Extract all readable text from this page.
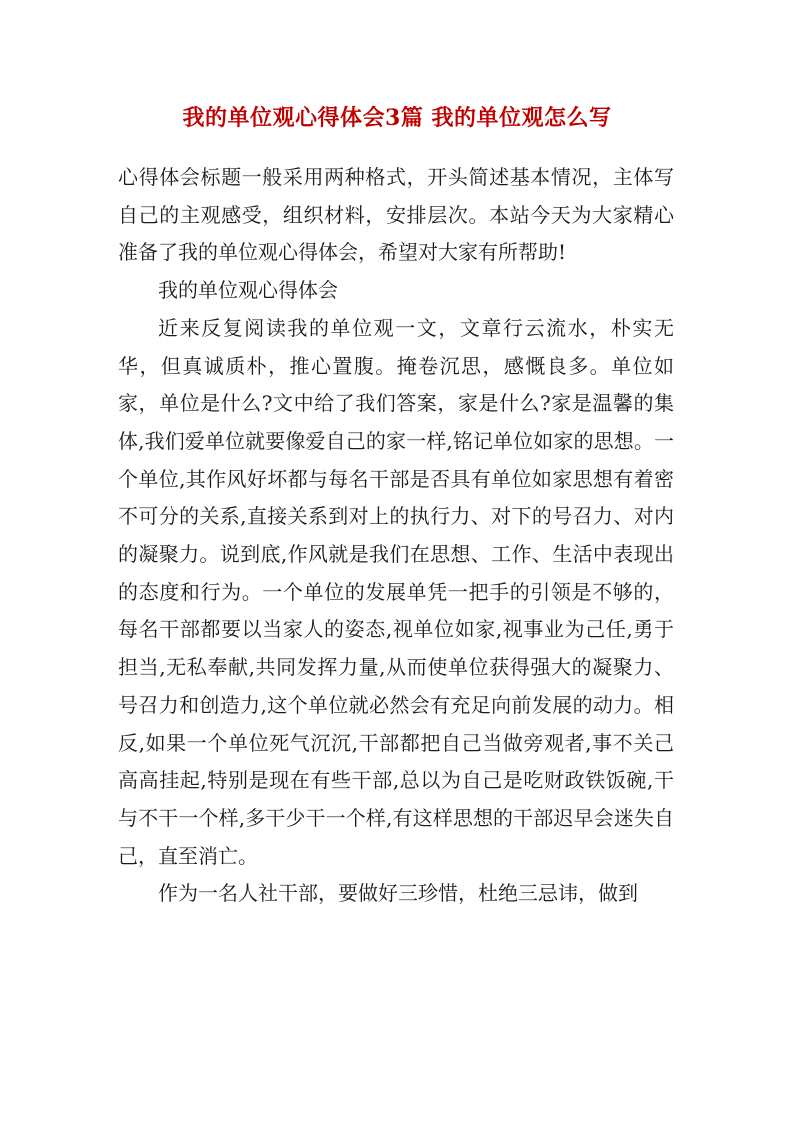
我的单位观心得体会3篇 我的单位观怎么写

心得体会标题一般采用两种格式，开头简述基本情况，主体写自己的主观感受，组织材料，安排层次。本站今天为大家精心准备了我的单位观心得体会，希望对大家有所帮助!

我的单位观心得体会

近来反复阅读我的单位观一文，文章行云流水，朴实无华，但真诚质朴，推心置腹。掩卷沉思，感慨良多。单位如家，单位是什么?文中给了我们答案，家是什么?家是温馨的集体,我们爱单位就要像爱自己的家一样,铭记单位如家的思想。一个单位,其作风好坏都与每名干部是否具有单位如家思想有着密不可分的关系,直接关系到对上的执行力、对下的号召力、对内的凝聚力。说到底,作风就是我们在思想、工作、生活中表现出的态度和行为。一个单位的发展单凭一把手的引领是不够的，每名干部都要以当家人的姿态,视单位如家,视事业为己任,勇于担当,无私奉献,共同发挥力量,从而使单位获得强大的凝聚力、号召力和创造力,这个单位就必然会有充足向前发展的动力。相反,如果一个单位死气沉沉,干部都把自己当做旁观者,事不关己高高挂起,特别是现在有些干部,总以为自己是吃财政铁饭碗,干与不干一个样,多干少干一个样,有这样思想的干部迟早会迷失自己，直至消亡。

作为一名人社干部，要做好三珍惜，杜绝三忌讳，做到
